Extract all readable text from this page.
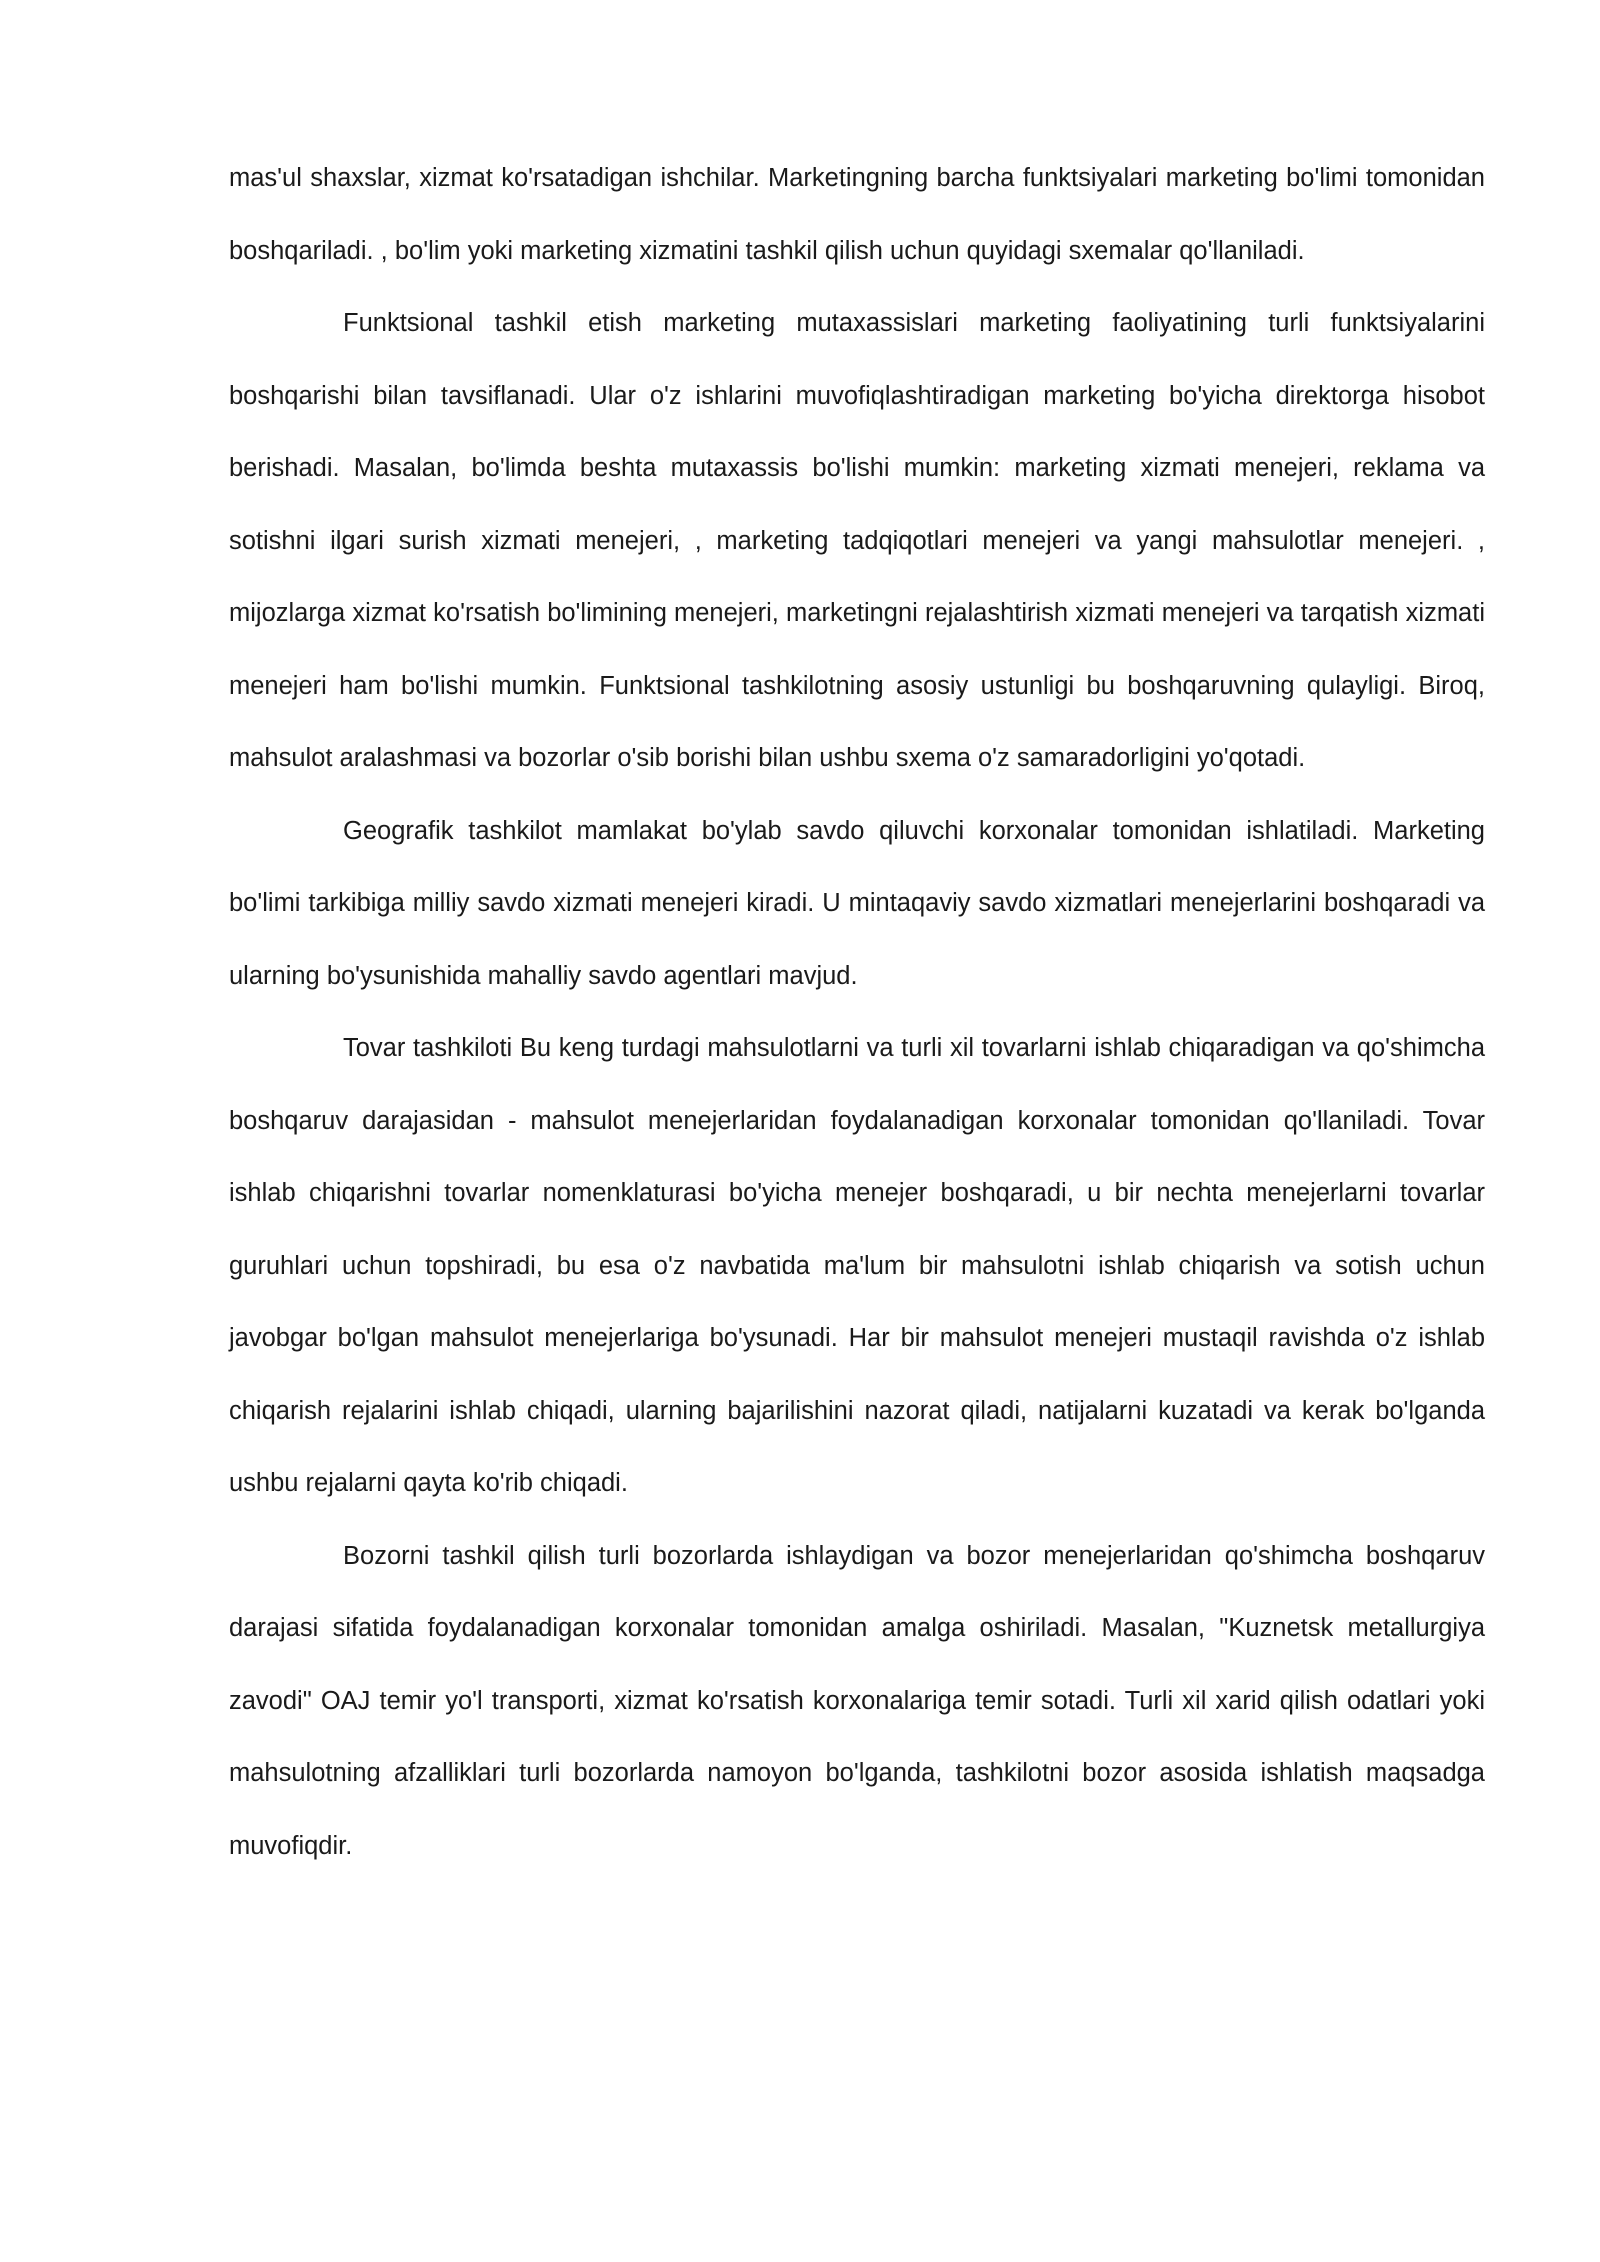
mas'ul shaxslar, xizmat ko'rsatadigan ishchilar. Marketingning barcha funktsiyalari marketing bo'limi tomonidan boshqariladi. , bo'lim yoki marketing xizmatini tashkil qilish uchun quyidagi sxemalar qo'llaniladi.

Funktsional tashkil etish marketing mutaxassislari marketing faoliyatining turli funktsiyalarini boshqarishi bilan tavsiflanadi. Ular o'z ishlarini muvofiqlashtiradigan marketing bo'yicha direktorga hisobot berishadi. Masalan, bo'limda beshta mutaxassis bo'lishi mumkin: marketing xizmati menejeri, reklama va sotishni ilgari surish xizmati menejeri, , marketing tadqiqotlari menejeri va yangi mahsulotlar menejeri. , mijozlarga xizmat ko'rsatish bo'limining menejeri, marketingni rejalashtirish xizmati menejeri va tarqatish xizmati menejeri ham bo'lishi mumkin. Funktsional tashkilotning asosiy ustunligi bu boshqaruvning qulayligi. Biroq, mahsulot aralashmasi va bozorlar o'sib borishi bilan ushbu sxema o'z samaradorligini yo'qotadi.

Geografik tashkilot mamlakat bo'ylab savdo qiluvchi korxonalar tomonidan ishlatiladi. Marketing bo'limi tarkibiga milliy savdo xizmati menejeri kiradi. U mintaqaviy savdo xizmatlari menejerlarini boshqaradi va ularning bo'ysunishida mahalliy savdo agentlari mavjud.

Tovar tashkiloti Bu keng turdagi mahsulotlarni va turli xil tovarlarni ishlab chiqaradigan va qo'shimcha boshqaruv darajasidan - mahsulot menejerlaridan foydalanadigan korxonalar tomonidan qo'llaniladi. Tovar ishlab chiqarishni tovarlar nomenklaturasi bo'yicha menejer boshqaradi, u bir nechta menejerlarni tovarlar guruhlari uchun topshiradi, bu esa o'z navbatida ma'lum bir mahsulotni ishlab chiqarish va sotish uchun javobgar bo'lgan mahsulot menejerlariga bo'ysunadi. Har bir mahsulot menejeri mustaqil ravishda o'z ishlab chiqarish rejalarini ishlab chiqadi, ularning bajarilishini nazorat qiladi, natijalarni kuzatadi va kerak bo'lganda ushbu rejalarni qayta ko'rib chiqadi.

Bozorni tashkil qilish turli bozorlarda ishlaydigan va bozor menejerlaridan qo'shimcha boshqaruv darajasi sifatida foydalanadigan korxonalar tomonidan amalga oshiriladi. Masalan, "Kuznetsk metallurgiya zavodi" OAJ temir yo'l transporti, xizmat ko'rsatish korxonalariga temir sotadi. Turli xil xarid qilish odatlari yoki mahsulotning afzalliklari turli bozorlarda namoyon bo'lganda, tashkilotni bozor asosida ishlatish maqsadga muvofiqdir.
